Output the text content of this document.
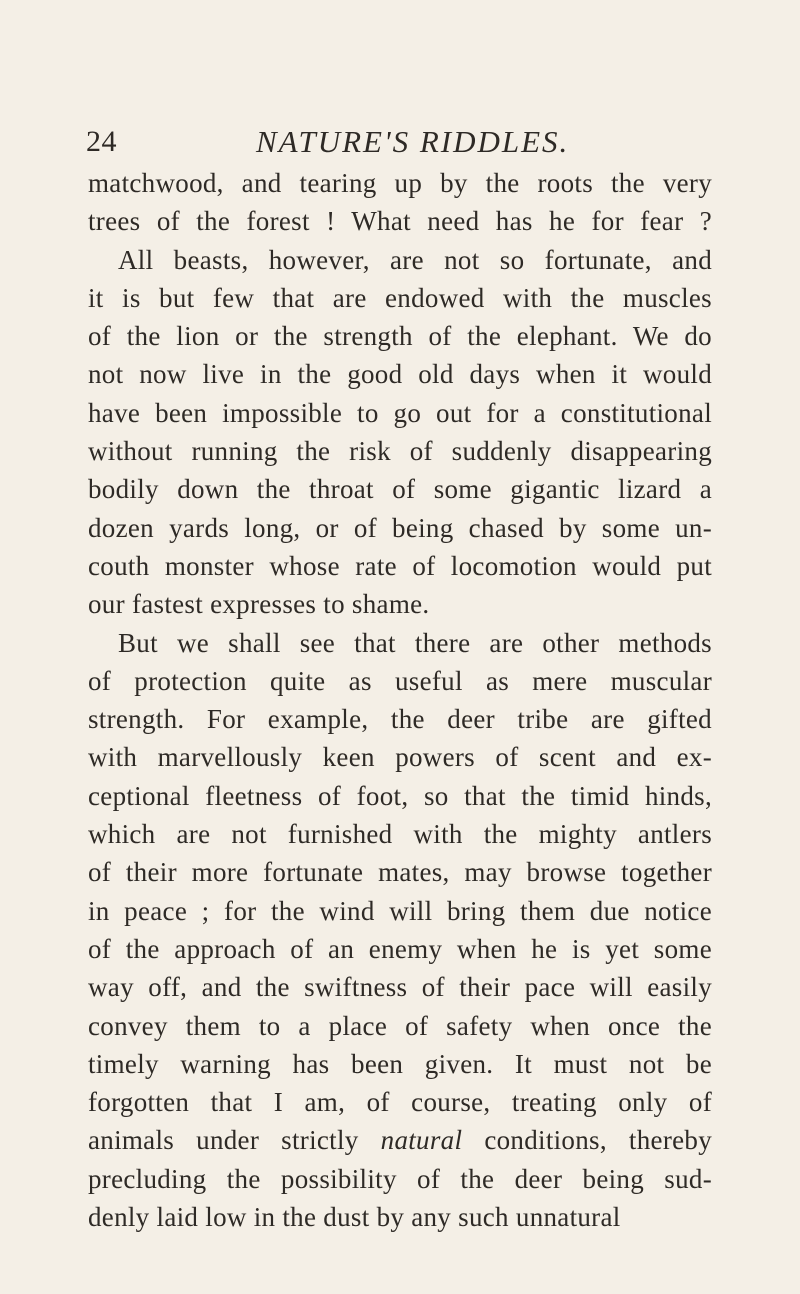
24	NATURE'S RIDDLES.
matchwood, and tearing up by the roots the very
trees of the forest ! What need has he for fear ?
All beasts, however, are not so fortunate, and
it is but few that are endowed with the muscles
of the lion or the strength of the elephant. We do
not now live in the good old days when it would
have been impossible to go out for a constitutional
without running the risk of suddenly disappearing
bodily down the throat of some gigantic lizard a
dozen yards long, or of being chased by some un-
couth monster whose rate of locomotion would put
our fastest expresses to shame.
But we shall see that there are other methods
of protection quite as useful as mere muscular
strength. For example, the deer tribe are gifted
with marvellously keen powers of scent and ex-
ceptional fleetness of foot, so that the timid hinds,
which are not furnished with the mighty antlers
of their more fortunate mates, may browse together
in peace ; for the wind will bring them due notice
of the approach of an enemy when he is yet some
way off, and the swiftness of their pace will easily
convey them to a place of safety when once the
timely warning has been given. It must not be
forgotten that I am, of course, treating only of
animals under strictly natural conditions, thereby
precluding the possibility of the deer being sud-
denly laid low in the dust by any such unnatural
